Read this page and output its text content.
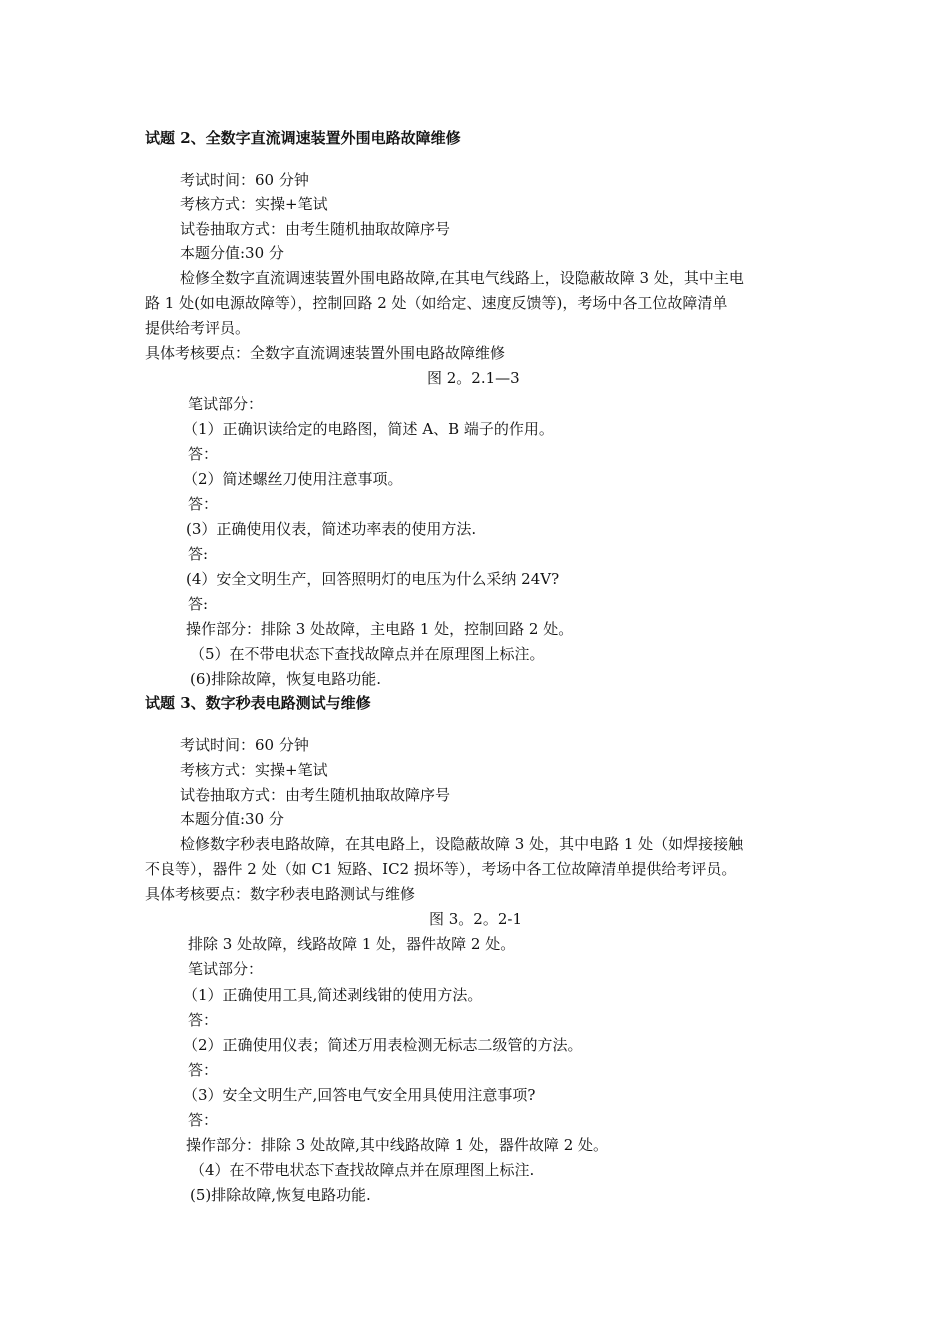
试题 2、全数字直流调速装置外围电路故障维修
考试时间：60 分钟
考核方式：实操+笔试
试卷抽取方式：由考生随机抽取故障序号
本题分值:30 分
检修全数字直流调速装置外围电路故障,在其电气线路上，设隐蔽故障 3 处，其中主电
路 1 处(如电源故障等），控制回路 2 处（如给定、速度反馈等)，考场中各工位故障清单
提供给考评员。
具体考核要点：全数字直流调速装置外围电路故障维修
图 2。2.1—3
笔试部分：
（1）正确识读给定的电路图，简述 A、B 端子的作用。
答：
（2）简述螺丝刀使用注意事项。
答：
(3）正确使用仪表，简述功率表的使用方法.
答:
(4）安全文明生产，回答照明灯的电压为什么采纳 24V?
答:
操作部分：排除 3 处故障，主电路 1 处，控制回路 2 处。
（5）在不带电状态下查找故障点并在原理图上标注。
(6)排除故障，恢复电路功能.
试题 3、数字秒表电路测试与维修
考试时间：60 分钟
考核方式：实操+笔试
试卷抽取方式：由考生随机抽取故障序号
本题分值:30 分
检修数字秒表电路故障，在其电路上，设隐蔽故障 3 处，其中电路 1 处（如焊接接触
不良等），器件 2 处（如 C1 短路、IC2 损坏等），考场中各工位故障清单提供给考评员。
具体考核要点：数字秒表电路测试与维修
图 3。2。2-1
排除 3 处故障，线路故障 1 处，器件故障 2 处。
笔试部分：
（1）正确使用工具,简述剥线钳的使用方法。
答：
（2）正确使用仪表；简述万用表检测无标志二级管的方法。
答：
（3）安全文明生产,回答电气安全用具使用注意事项?
答：
操作部分：排除 3 处故障,其中线路故障 1 处，器件故障 2 处。
（4）在不带电状态下查找故障点并在原理图上标注.
(5)排除故障,恢复电路功能.
